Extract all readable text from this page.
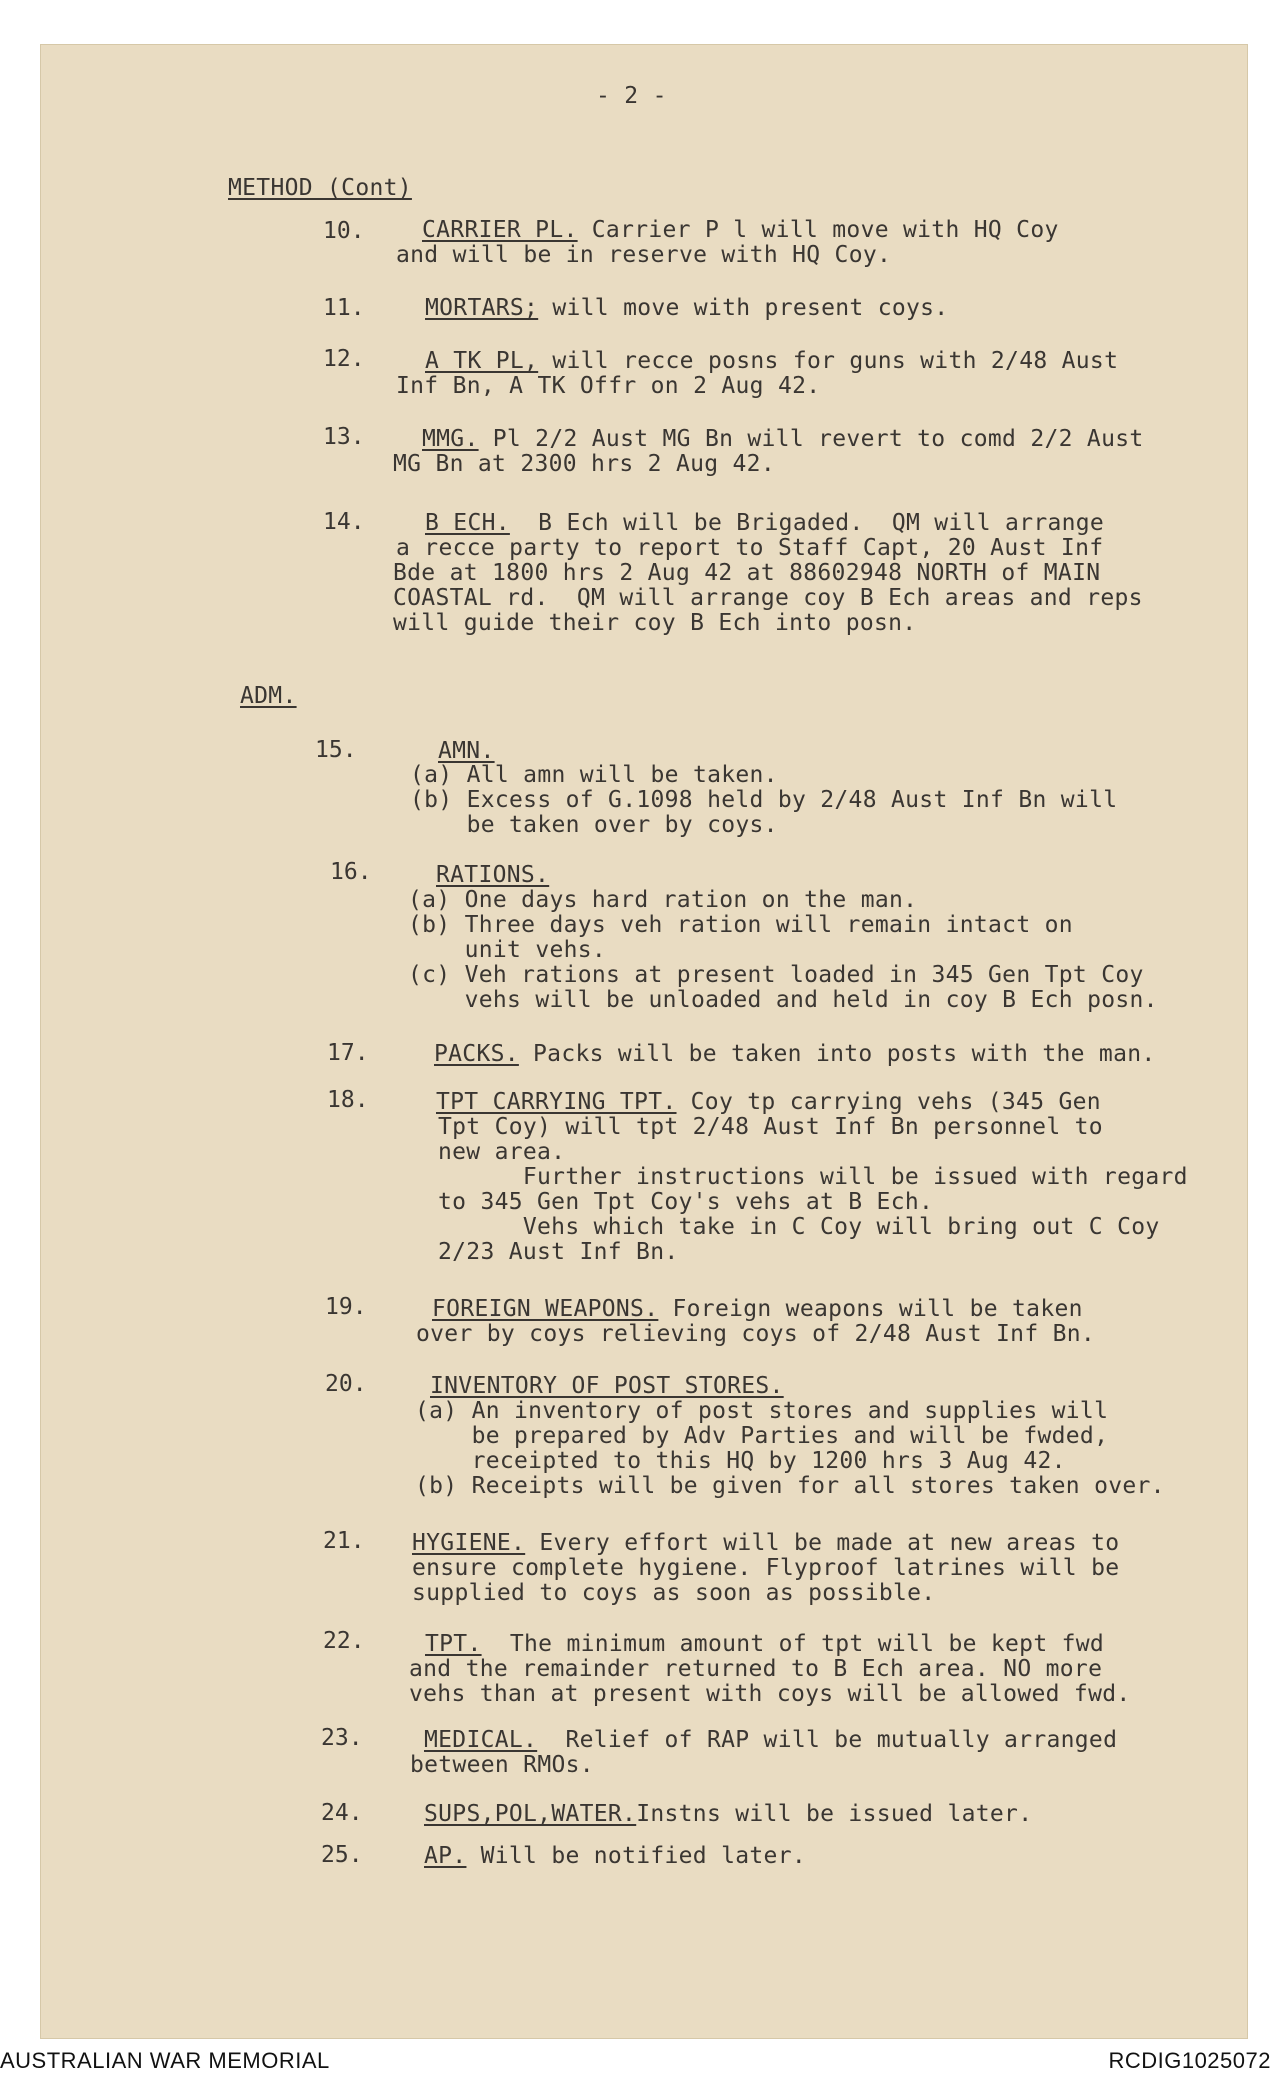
- 2 -
METHOD (Cont)
10. CARRIER PL. Carrier P l will move with HQ Coy
and will be in reserve with HQ Coy.
11.	MORTARS; will move with present coys.
12.	A TK PL, will recce posns for guns with 2/48 Aust
Inf Bn, A TK Offr on 2 Aug 42.
13. MMG. Pl 2/2 Aust MG Bn will revert to comd 2/2 Aust
MG Bn at 2300 hrs 2 Aug 42.
14.	B ECH.  B Ech will be Brigaded.  QM will arrange
a recce party to report to Staff Capt, 20 Aust Inf
Bde at 1800 hrs 2 Aug 42 at 88602948 NORTH of MAIN
COASTAL rd.  QM will arrange coy B Ech areas and reps
will guide their coy B Ech into posn.
ADM.
15.	AMN.
(a) All amn will be taken.
(b) Excess of G.1098 held by 2/48 Aust Inf Bn will
be taken over by coys.
16.	RATIONS.
(a) One days hard ration on the man.
(b) Three days veh ration will remain intact on
unit vehs.
(c) Veh rations at present loaded in 345 Gen Tpt Coy
vehs will be unloaded and held in coy B Ech posn.
17.	PACKS. Packs will be taken into posts with the man.
18.	TPT CARRYING TPT. Coy tp carrying vehs (345 Gen
Tpt Coy) will tpt 2/48 Aust Inf Bn personnel to
new area.
Further instructions will be issued with regard
to 345 Gen Tpt Coy's vehs at B Ech.
Vehs which take in C Coy will bring out C Coy
2/23 Aust Inf Bn.
19.	FOREIGN WEAPONS. Foreign weapons will be taken
over by coys relieving coys of 2/48 Aust Inf Bn.
20.	INVENTORY OF POST STORES.
(a) An inventory of post stores and supplies will
be prepared by Adv Parties and will be fwded,
receipted to this HQ by 1200 hrs 3 Aug 42.
(b) Receipts will be given for all stores taken over.
21. HYGIENE. Every effort will be made at new areas to
ensure complete hygiene. Flyproof latrines will be
supplied to coys as soon as possible.
22.	TPT.  The minimum amount of tpt will be kept fwd
and the remainder returned to B Ech area. NO more
vehs than at present with coys will be allowed fwd.
23.	MEDICAL.  Relief of RAP will be mutually arranged
between RMOs.
24.	SUPS,POL,WATER.Instns will be issued later.
25.	AP. Will be notified later.
AUSTRALIAN WAR MEMORIAL	RCDIG1025072
